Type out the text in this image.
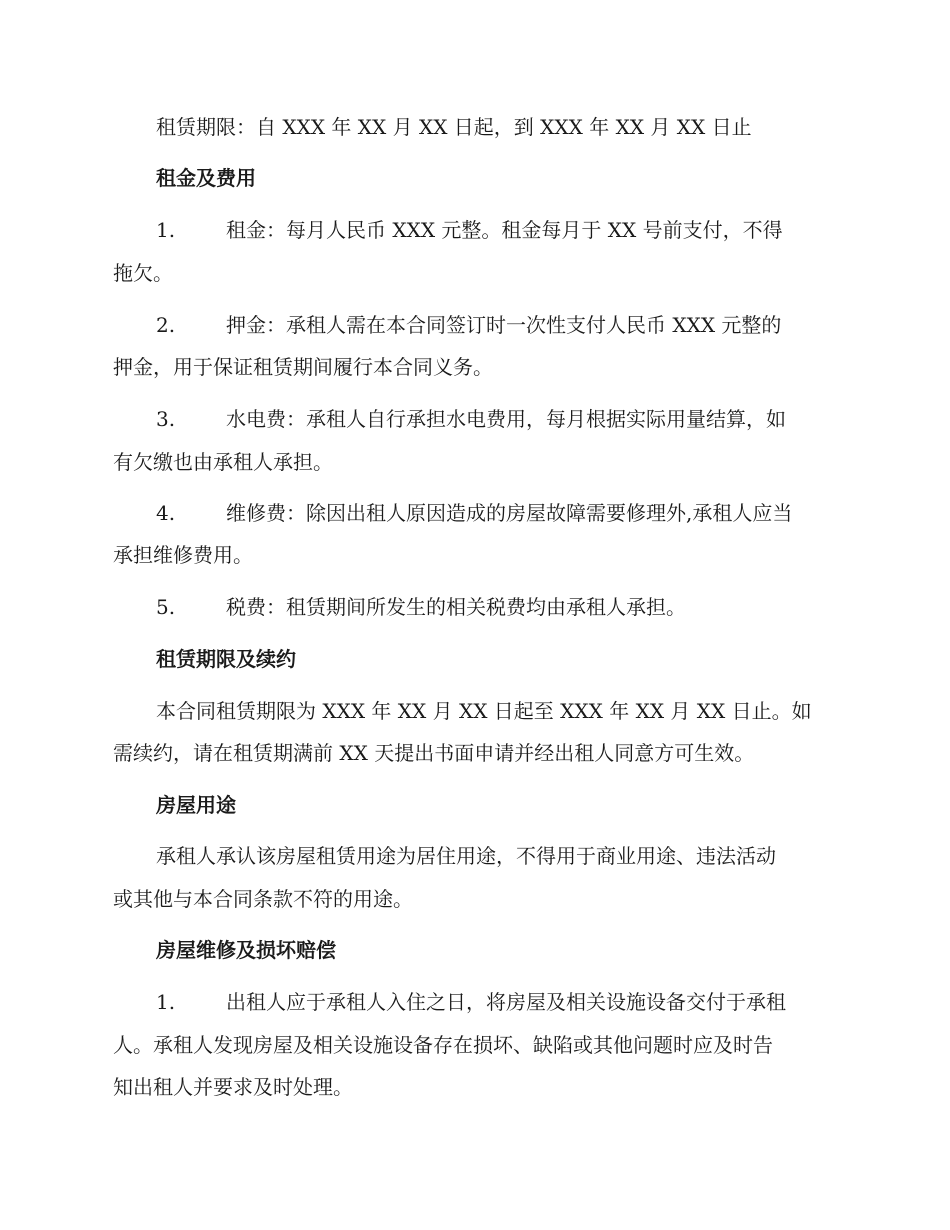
租赁期限：自 XXX 年 XX 月 XX 日起，到 XXX 年 XX 月 XX 日止
租金及费用
1.	租金：每月人民币 XXX 元整。租金每月于 XX 号前支付，不得
拖欠。
2.	押金：承租人需在本合同签订时一次性支付人民币 XXX 元整的
押金，用于保证租赁期间履行本合同义务。
3.	水电费：承租人自行承担水电费用，每月根据实际用量结算，如
有欠缴也由承租人承担。
4.	维修费：除因出租人原因造成的房屋故障需要修理外,承租人应当
承担维修费用。
5.	税费：租赁期间所发生的相关税费均由承租人承担。
租赁期限及续约
本合同租赁期限为 XXX 年 XX 月 XX 日起至 XXX 年 XX 月 XX 日止。如
需续约，请在租赁期满前 XX 天提出书面申请并经出租人同意方可生效。
房屋用途
承租人承认该房屋租赁用途为居住用途，不得用于商业用途、违法活动
或其他与本合同条款不符的用途。
房屋维修及损坏赔偿
1.	出租人应于承租人入住之日，将房屋及相关设施设备交付于承租
人。承租人发现房屋及相关设施设备存在损坏、缺陷或其他问题时应及时告
知出租人并要求及时处理。
